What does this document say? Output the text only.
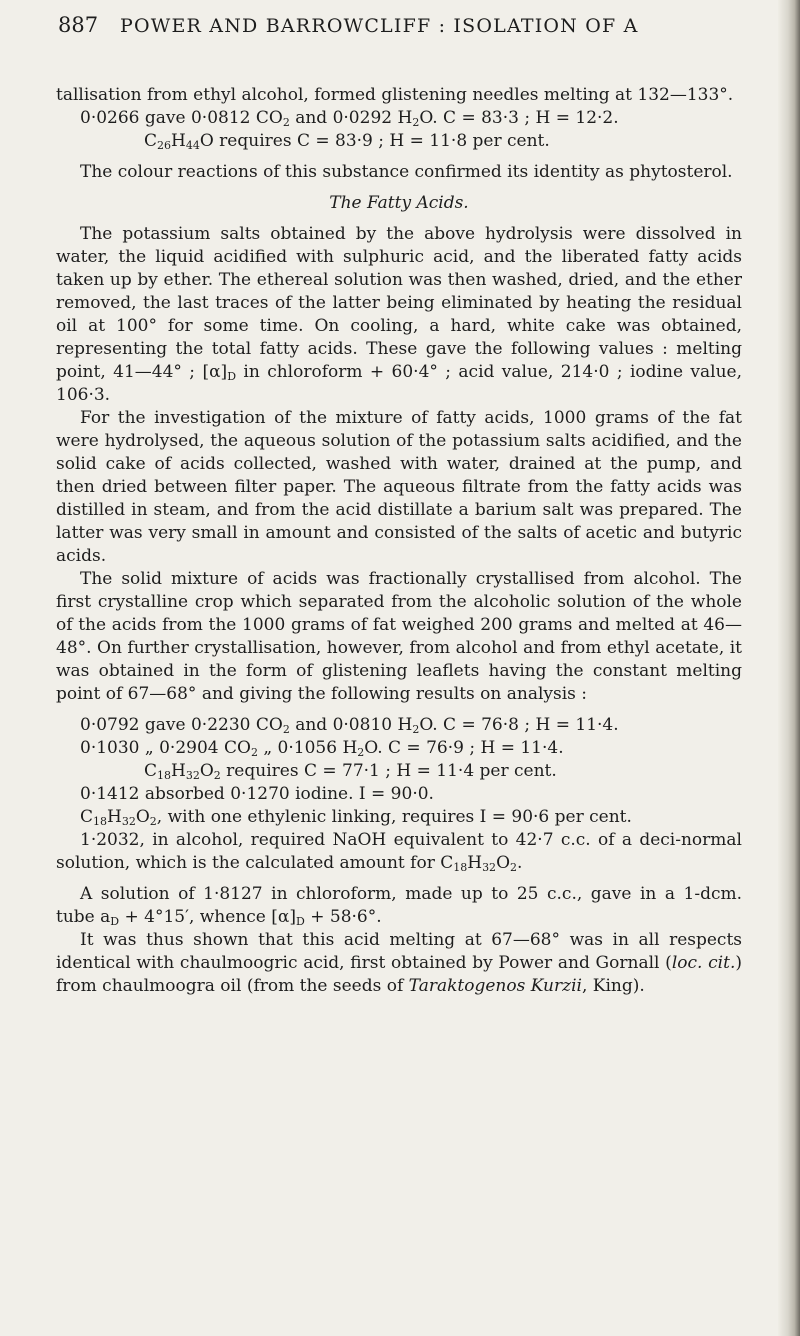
887 POWER AND BARROWCLIFF : ISOLATION OF A

tallisation from ethyl alcohol, formed glistening needles melting at 132—133°.

0·0266 gave 0·0812 $CO_2$ and 0·0292 $H_2O$. C = 83·3 ; H = 12·2.

$C_{26}H_{44}O$ requires C = 83·9 ; H = 11·8 per cent.

The colour reactions of this substance confirmed its identity as phytosterol.

The Fatty Acids.

The potassium salts obtained by the above hydrolysis were dissolved in water, the liquid acidified with sulphuric acid, and the liberated fatty acids taken up by ether. The ethereal solution was then washed, dried, and the ether removed, the last traces of the latter being eliminated by heating the residual oil at 100° for some time. On cooling, a hard, white cake was obtained, representing the total fatty acids. These gave the following values : melting point, 41—44° ; $[\alpha]_D$ in chloroform + 60·4° ; acid value, 214·0 ; iodine value, 106·3.

For the investigation of the mixture of fatty acids, 1000 grams of the fat were hydrolysed, the aqueous solution of the potassium salts acidified, and the solid cake of acids collected, washed with water, drained at the pump, and then dried between filter paper. The aqueous filtrate from the fatty acids was distilled in steam, and from the acid distillate a barium salt was prepared. The latter was very small in amount and consisted of the salts of acetic and butyric acids.

The solid mixture of acids was fractionally crystallised from alcohol. The first crystalline crop which separated from the alcoholic solution of the whole of the acids from the 1000 grams of fat weighed 200 grams and melted at 46—48°. On further crystallisation, however, from alcohol and from ethyl acetate, it was obtained in the form of glistening leaflets having the constant melting point of 67—68° and giving the following results on analysis :

0·0792 gave 0·2230 $CO_2$ and 0·0810 $H_2O$. C = 76·8 ; H = 11·4.

0·1030 „ 0·2904 $CO_2$ „ 0·1056 $H_2O$. C = 76·9 ; H = 11·4.

$C_{18}H_{32}O_2$ requires C = 77·1 ; H = 11·4 per cent.

0·1412 absorbed 0·1270 iodine. I = 90·0.

$C_{18}H_{32}O_2$, with one ethylenic linking, requires I = 90·6 per cent.

1·2032, in alcohol, required NaOH equivalent to 42·7 c.c. of a deci-normal solution, which is the calculated amount for $C_{18}H_{32}O_2$.

A solution of 1·8127 in chloroform, made up to 25 c.c., gave in a 1-dcm. tube $a_D + 4^\circ 15'$, whence $[\alpha]_D + 58\cdot 6^\circ$.

It was thus shown that this acid melting at 67—68° was in all respects identical with chaulmoogric acid, first obtained by Power and Gornall (loc. cit.) from chaulmoogra oil (from the seeds of Taraktogenos Kurzii, King).
